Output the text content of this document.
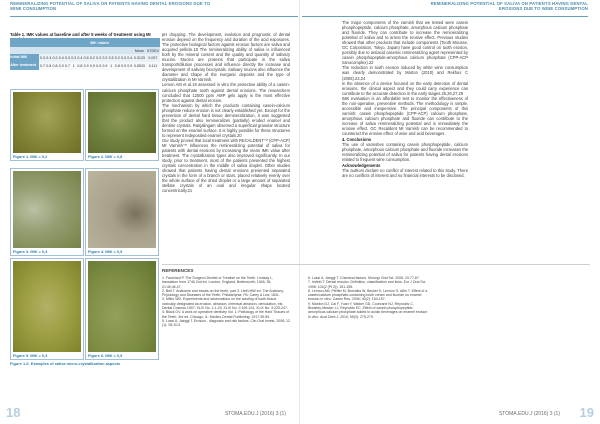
REMINERALIZING POTENTIAL OF SALIVA ON PATIENTS HAVING DENTAL EROSIONS DUE TO WINE CONSUMPTION
Table 1. IMK values at baseline and after 5 weeks of treatment using MI
	IMK values																
																Mean	STDEV
Initial IMK	0.3	0.4	0.2	0.4	0.3	0.3	0.4	0.5	0.2	0.3	0.2	0.5	0.2	0.3	0.4	0.3133	0.097
After treatment	0.7	0.8	0.8	0.9	0.7	1	0.8	0.9	0.9	0.9	0.9	1	0.8	0.9	0.9	0.8533	0.111

pH dropping. The development, evolution and prognostic of dental erosion depend on the frequency and duration of the acid exposures. The protective biological factors against erosion factors are saliva and acquired pellicle.18 The remineralizing ability of saliva is influenced both by the mineral content and the quality and quantity of salivary mucins. Mucins are proteins that participate in the saliva transport/dilution processes and influence directly the increase and development of salivary biocrystals. Salivary mucins also influence the diameter and shape of the inorganic deposits and the type of crystallization in MI Varnish.

Lemon AM et al.19 assessed in vitro the protective ability of a casein-calcium phosphate tooth against dental erosions. The researchers concluded that 12500 ppm AMP gels apply is the most effective protection against dental erosion.

The mechanism by which the products containing casein-calcium phosphate reduce erosion is not clearly established yet. Except for the prevention of dental hard tissue demineralization, it was suggested that the product also remineralizes (partially) eroded enamel and dentine crystals. Ranjalingam observed a superficial granular structure formed on the enamel surface. It is highly possible for these structures to represent redeposited enamel crystals.20

Our study proved that local treatment with RECALDENT™ (CPP-ACP) MI Varnish™ influences the remineralizing potential of saliva for patients with dental erosions by increasing the mean IMK value after treatment. The crystallization types also improved significantly. In our study, prior to treatment, most of the patients presented the highest crystals concentration in the middle of saliva droplet. Other studies showed that patients having dental erosions presented separated crystals in the form of a branch or stars, placed relatively evenly over the whole surface of the dried droplet or a large amount of separated stellate crystals of an oval and irregular shape located concentrically.21

Figure 1. IMK = 0,2	Figure 2. IMK = 0,8
Figure 3. IMK = 0,4	Figure 4. IMK = 0,9
Figure 5. IMK = 0,3	Figure 6. IMK = 0,9
Figure 1-6. Examples of saliva micro-crystallization aspects
18	STOMA.EDU.J (2016) 3 (1)
REFERENCES

1. Fauchard P. The Surgeon Dentist or Treatise on the Teeth. Lindsay L, translation from 1746 2nd ed. London, England: Butterworth; 1946; 35, 21:45,46,47.

2. Bell T. Anatomie and essais on the teeth, part 3. Lieth MW ed. The Anatomy, Physiology and Diseases of the Teeth. Philadelphia, PA: Carey & Lea; 1831.

3. Miller WD. Experiments and observations on the wasting of tooth tissue variously designated as erosion, abrasion, chemical abrasion, denudation, etc. Dental Cosmos 1907; XLIX No. 1:1-23, XLIX No. 2:109-124, XLIX No. 3:225-247.

4. Black GV. A work on operative dentistry Vol. 1: Pathology of the Hard Tissues of the Teeth. 3rd ed. Chicago, IL: Medico-Dental Publishing; 1917:39-59.

5. Lussi A, Jaeggi T. Erosion - diagnosis and risk factors. Clin Oral Invest, 2008; 12 (1): S5-S13.

REMINERALIZING POTENTIAL OF SALIVA ON PATIENTS HAVING DENTAL EROSIONS DUE TO WINE CONSUMPTION

The major components of the varnish that we tested were casein phosphopeptide, calcium phosphate, amorphous calcium phosphate and fluoride. They can contribute to increase the remineralizing potential of saliva and to arrest the erosive effect. Previous studies showed that other products that include components (Tooth Mousse, GC Corporation, Tokyo, Japan) have good control on tooth erosion, possibly due to antiacid caseinic remineralizing agent represented by casein phosphopeptide-amorphous calcium phosphate (CPP-ACP nanocomplex).22

The reduction in tooth erosion induced by white wine consumption was clearly demonstrated by Marton (2010) and Rekhus C (2008).23,24

In the absence of a device focused on the early detection of dental erosions, the clinical aspect and they could carry experience can contribute to the accurate detection in the early stages.25,26,27,28

IMK evaluation is an affordable test to monitor the effectiveness of the non-operative, preventive methods. The methodology is simple, accessible and inexpensive. The principal components of this varnish: casein phosphopeptide (CPP-ACP) calcium phosphate, amorphous calcium phosphate and fluoride can contribute to the increase of saliva remineralizing potential and is immediately the erosive effect. GC Recaldent MI Varnish can be recommended to counteract the erosive effect of wine and acid beverages.

4. Conclusions

The use of varnishes containing casein phosphopeptide, calcium phosphate, amorphous calcium phosphate and fluoride increases the remineralizing potential of saliva for patients having dental erosions related to frequent wine consumption.

Acknowledgements

The authors declare no conflict of interest related to this study. There are no conflicts of interest and no financial interests to be disclosed.

6. Lussi A, Jaeggi T. Chemical factors. Monogr Oral Sci. 2006; 20:77-87.

7. Imfeld T. Dental erosion. Definition, classification and links. Eur J Oral Sci. 1996; 104(2 (Pt 2)): 151-155.

8. Lennon AM, Pfeffer M, Buchalla W, Becker K, Lennon S, Attin T. Effect of a casein/calcium phosphate-containing tooth cream and fluoride on enamel erosion in vitro. Caries Res. 2006; 40(2): 154-157.

9. Manton DJ, Cai F, Yuan Y, Walker GD, Cochrane NJ, Reynolds C, Brearley-Messer LJ, Reynolds EC. Effect of casein phosphopeptide-amorphous calcium phosphate added to acidic beverages on enamel erosion in vitro. Aust Dent J. 2010; 55(3): 275-279.

19
STOMA.EDU.J (2016) 3 (1)
